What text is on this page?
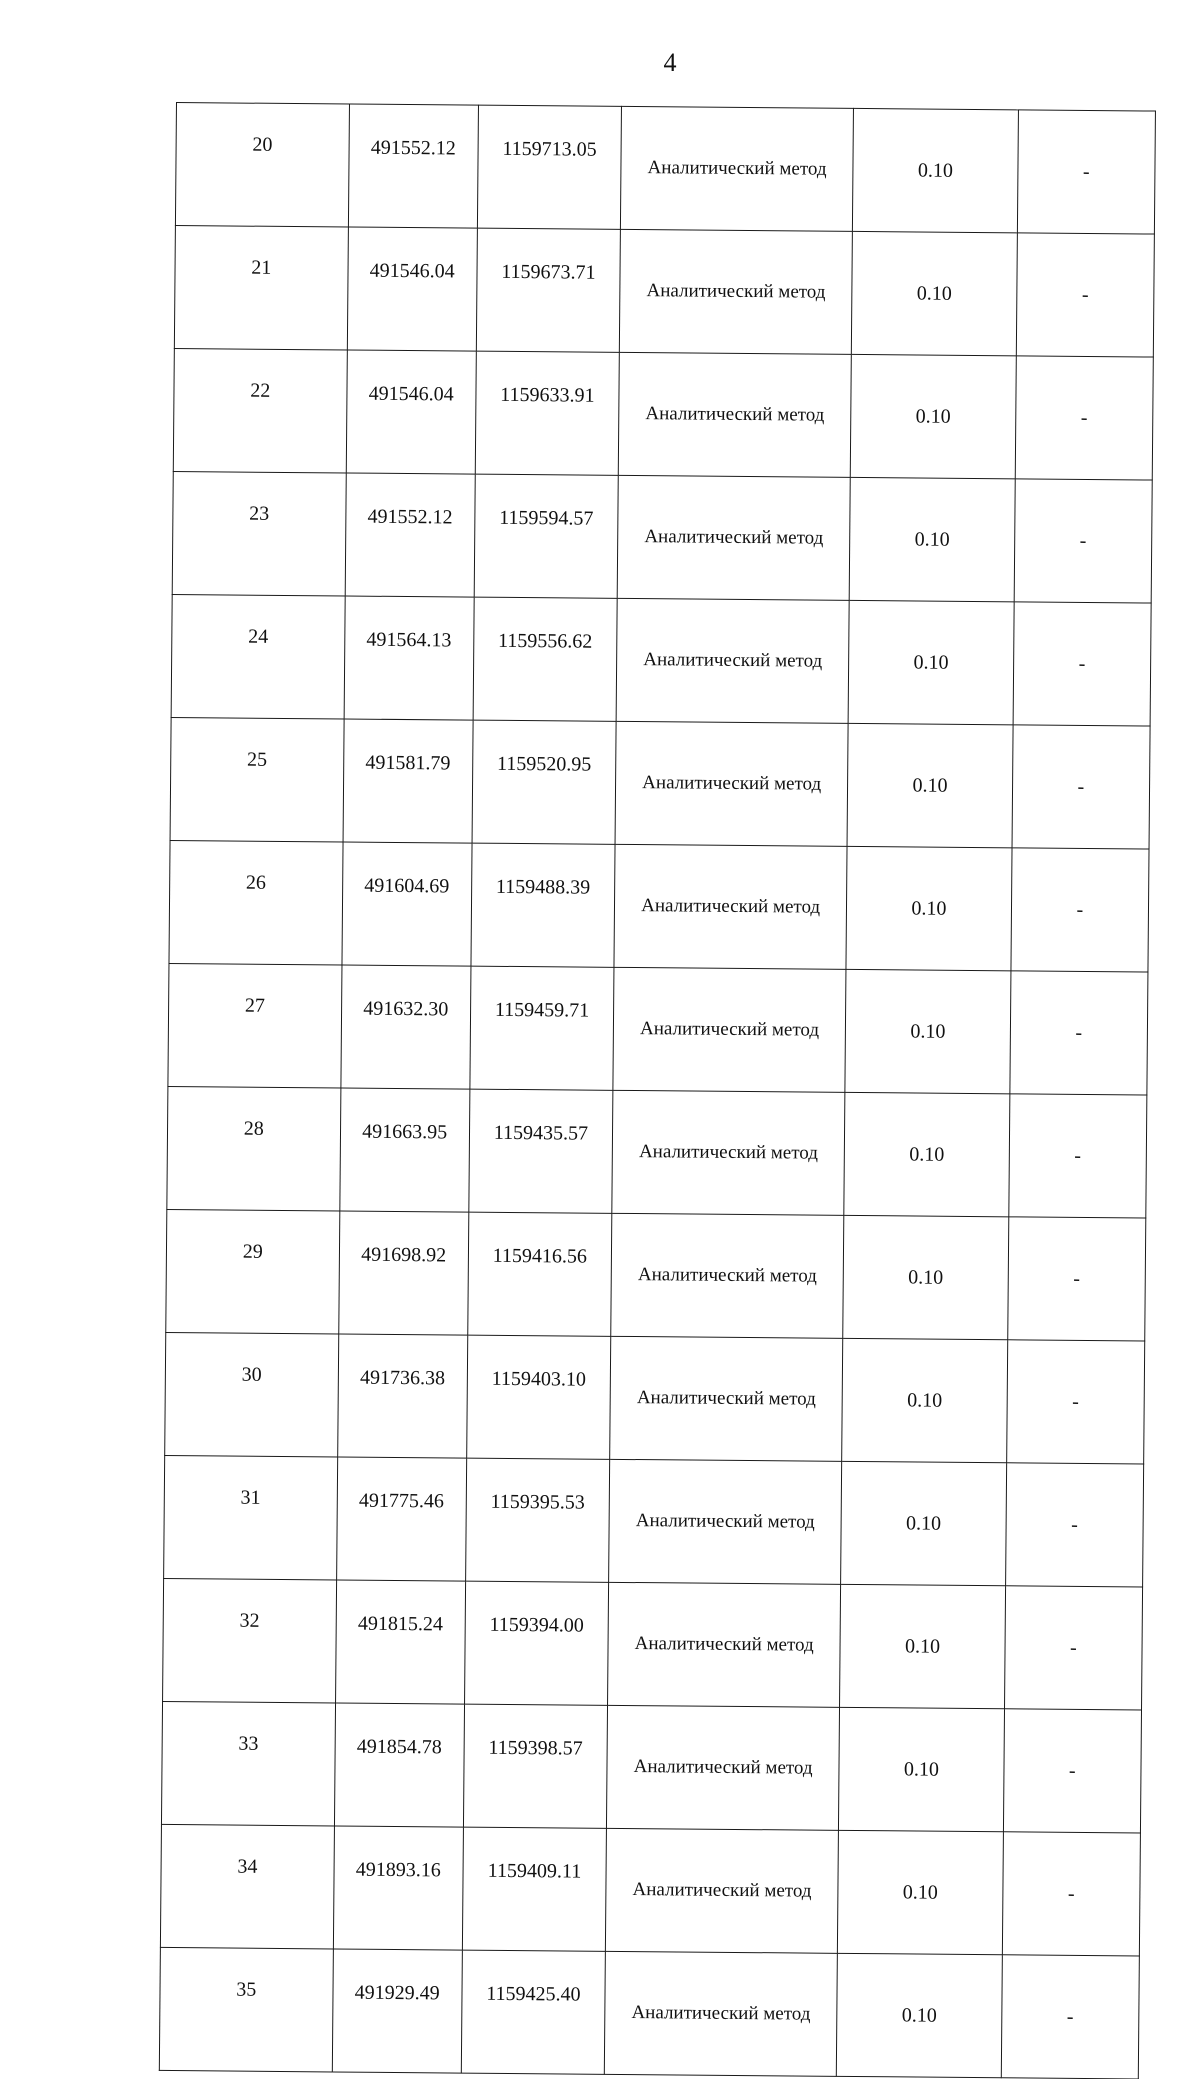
4
20	491552.12	1159713.05	Аналитический метод	0.10	-
21	491546.04	1159673.71	Аналитический метод	0.10	-
22	491546.04	1159633.91	Аналитический метод	0.10	-
23	491552.12	1159594.57	Аналитический метод	0.10	-
24	491564.13	1159556.62	Аналитический метод	0.10	-
25	491581.79	1159520.95	Аналитический метод	0.10	-
26	491604.69	1159488.39	Аналитический метод	0.10	-
27	491632.30	1159459.71	Аналитический метод	0.10	-
28	491663.95	1159435.57	Аналитический метод	0.10	-
29	491698.92	1159416.56	Аналитический метод	0.10	-
30	491736.38	1159403.10	Аналитический метод	0.10	-
31	491775.46	1159395.53	Аналитический метод	0.10	-
32	491815.24	1159394.00	Аналитический метод	0.10	-
33	491854.78	1159398.57	Аналитический метод	0.10	-
34	491893.16	1159409.11	Аналитический метод	0.10	-
35	491929.49	1159425.40	Аналитический метод	0.10	-
